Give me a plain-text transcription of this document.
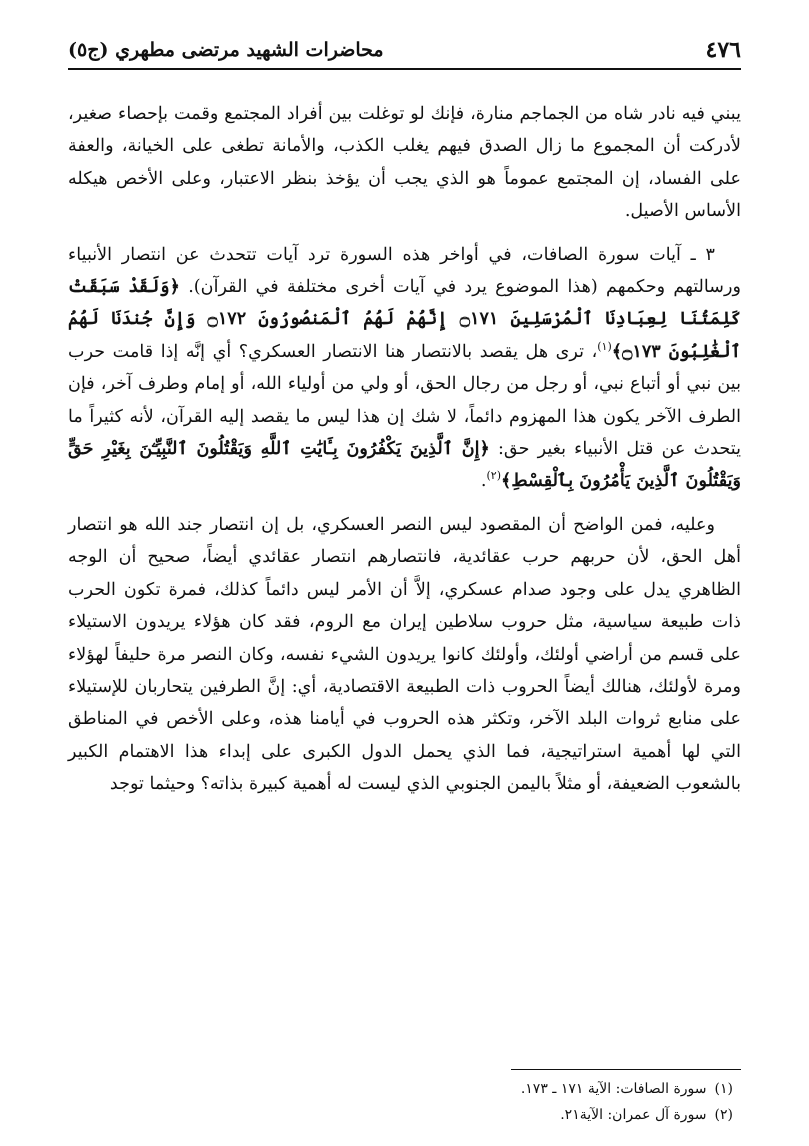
٤٧٦
محاضرات الشهيد مرتضى مطهري (ج٥)

يبني فيه نادر شاه من الجماجم منارة، فإنك لو توغلت بين أفراد المجتمع وقمت بإحصاء صغير، لأدركت أن المجموع ما زال الصدق فيهم يغلب الكذب، والأمانة تطغى على الخيانة، والعفة على الفساد، إن المجتمع عموماً هو الذي يجب أن يؤخذ بنظر الاعتبار، وعلى الأخص هيكله الأساس الأصيل.

٣ ـ آيات سورة الصافات، في أواخر هذه السورة ترد آيات تتحدث عن انتصار الأنبياء ورسالتهم وحكمهم (هذا الموضوع يرد في آيات أخرى مختلفة في القرآن). ﴿وَلَقَدْ سَبَقَتْ كَلِمَتُنَا لِعِبَادِنَا ٱلْمُرْسَلِينَ ۝١٧١ إِنَّهُمْ لَهُمُ ٱلْمَنصُورُونَ ۝١٧٢ وَإِنَّ جُندَنَا لَهُمُ ٱلْغَٰلِبُونَ ۝١٧٣﴾$^{(١)}$، ترى هل يقصد بالانتصار هنا الانتصار العسكري؟ أي إنَّه إذا قامت حرب بين نبي أو أتباع نبي، أو رجل من رجال الحق، أو ولي من أولياء الله، أو إمام وطرف آخر، فإن الطرف الآخر يكون هذا المهزوم دائماً، لا شك إن هذا ليس ما يقصد إليه القرآن، لأنه كثيراً ما يتحدث عن قتل الأنبياء بغير حق: ﴿إِنَّ ٱلَّذِينَ يَكْفُرُونَ بِـَٔايَٰتِ ٱللَّهِ وَيَقْتُلُونَ ٱلنَّبِيِّـۧنَ بِغَيْرِ حَقٍّ وَيَقْتُلُونَ ٱلَّذِينَ يَأْمُرُونَ بِٱلْقِسْطِ﴾$^{(٢)}$.

وعليه، فمن الواضح أن المقصود ليس النصر العسكري، بل إن انتصار جند الله هو انتصار أهل الحق، لأن حربهم حرب عقائدية، فانتصارهم انتصار عقائدي أيضاً، صحيح أن الوجه الظاهري يدل على وجود صدام عسكري، إلاَّ أن الأمر ليس دائماً كذلك، فمرة تكون الحرب ذات طبيعة سياسية، مثل حروب سلاطين إيران مع الروم، فقد كان هؤلاء يريدون الاستيلاء على قسم من أراضي أولئك، وأولئك كانوا يريدون الشيء نفسه، وكان النصر مرة حليفاً لهؤلاء ومرة لأولئك، هنالك أيضاً الحروب ذات الطبيعة الاقتصادية، أي: إنَّ الطرفين يتحاربان للإستيلاء على منابع ثروات البلد الآخر، وتكثر هذه الحروب في أيامنا هذه، وعلى الأخص في المناطق التي لها أهمية استراتيجية، فما الذي يحمل الدول الكبرى على إبداء هذا الاهتمام الكبير بالشعوب الضعيفة، أو مثلاً باليمن الجنوبي الذي ليست له أهمية كبيرة بذاته؟ وحيثما توجد

(١)سورة الصافات: الآية ١٧١ ـ ١٧٣.
(٢)سورة آل عمران: الآية٢١.
